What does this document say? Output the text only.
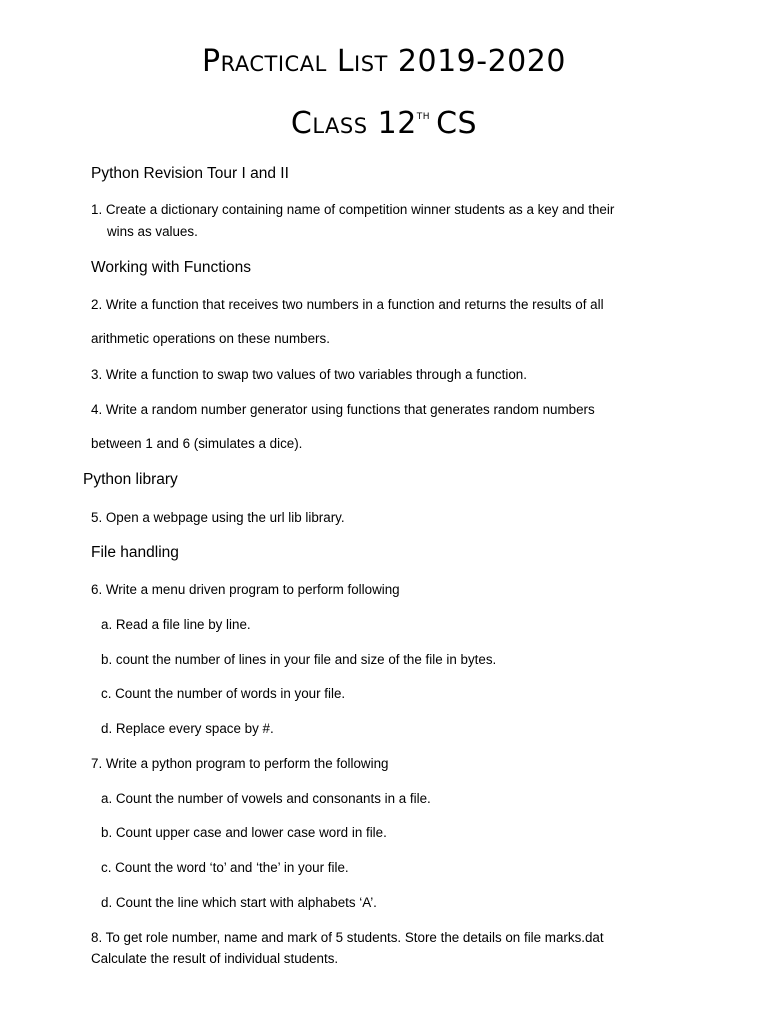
Practical List 2019-2020
Class 12th CS
Python Revision Tour I and II
1. Create a dictionary containing name of competition winner students as a key and their
wins as values.
Working with Functions
2. Write a function that receives two numbers in a function and returns the results of all
arithmetic operations on these numbers.
3. Write a function to swap two values of two variables through a function.
4. Write a random number generator using functions that generates random numbers
between 1 and 6 (simulates a dice).
Python library
5. Open a webpage using the url lib library.
File handling
6. Write a menu driven program to perform following
a. Read a file line by line.
b. count the number of lines in your file and size of the file in bytes.
c. Count the number of words in your file.
d. Replace every space by #.
7. Write a python program to perform the following
a. Count the number of vowels and consonants in a file.
b. Count upper case and lower case word in file.
c. Count the word ‘to’ and ‘the’ in your file.
d. Count the line which start with alphabets ‘A’.
8. To get role number, name and mark of 5 students. Store the details on file marks.dat
Calculate the result of individual students.
